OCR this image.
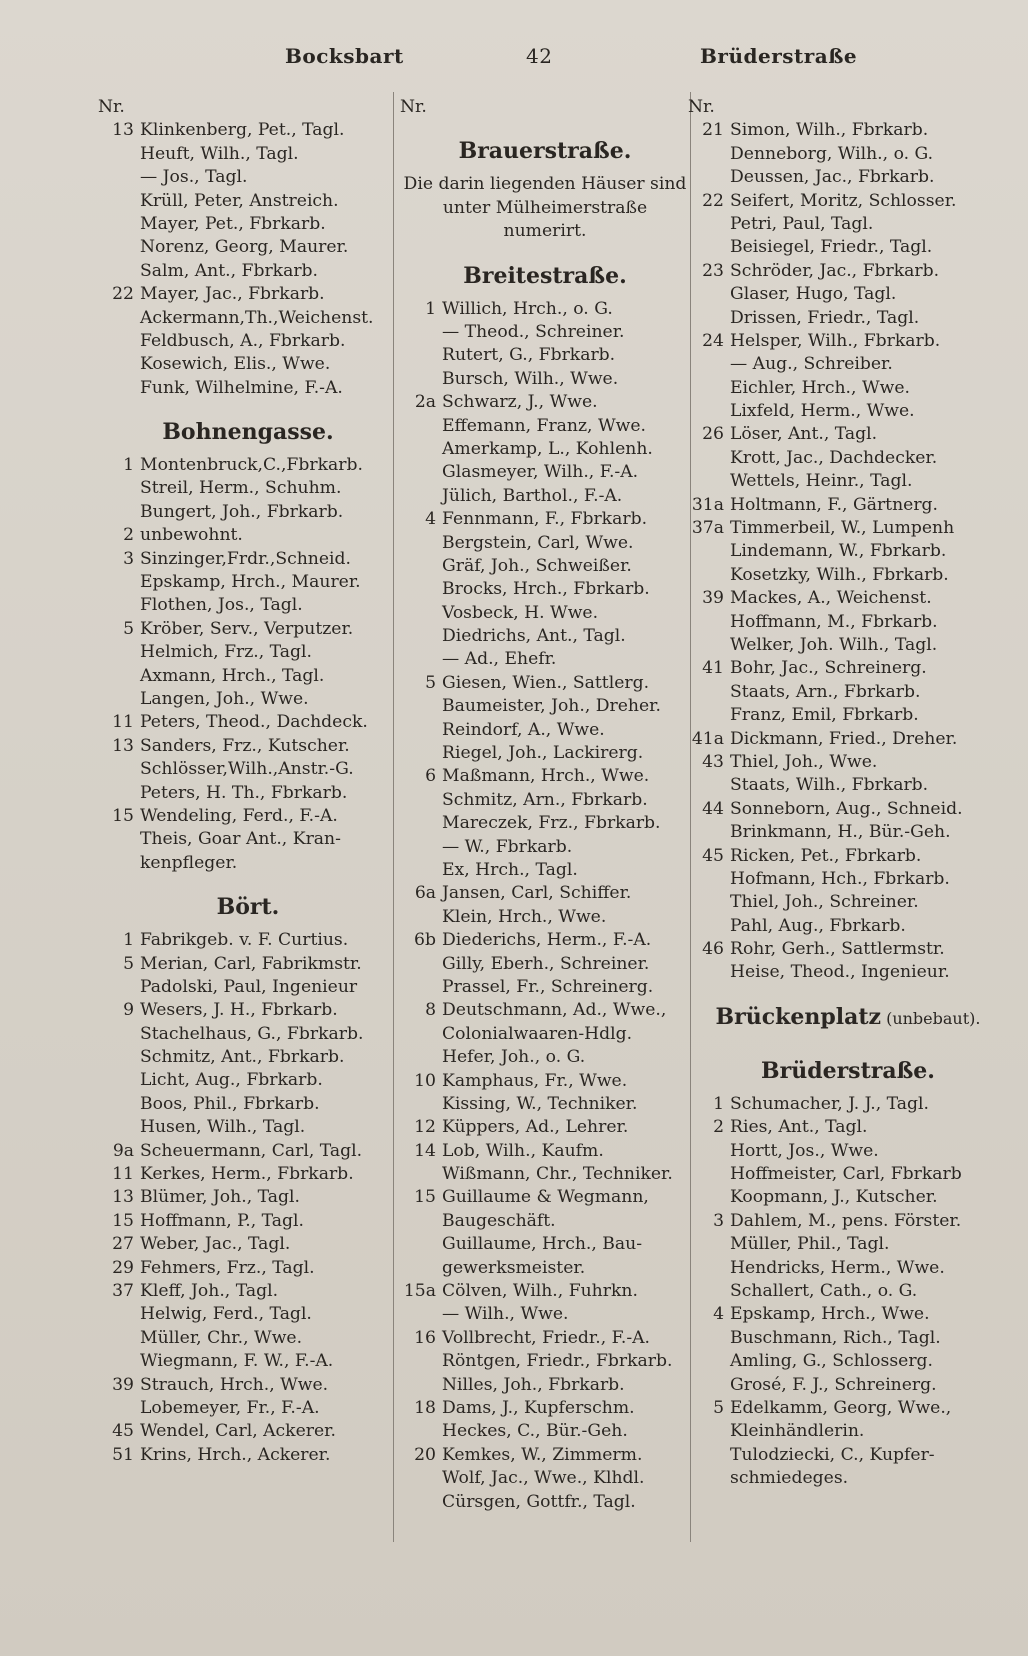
Bocksbart	42	Brüderstraße
Nr.
13 Klinkenberg, Pet., Tagl.
Heuft, Wilh., Tagl.
— Jos., Tagl.
Krüll, Peter, Anstreich.
Mayer, Pet., Fbrkarb.
Norenz, Georg, Maurer.
Salm, Ant., Fbrkarb.
22 Mayer, Jac., Fbrkarb.
Ackermann,Th.,Weichenst.
Feldbusch, A., Fbrkarb.
Kosewich, Elis., Wwe.
Funk, Wilhelmine, F.-A.
Bohnengasse.
1 Montenbruck,C.,Fbrkarb.
Streil, Herm., Schuhm.
Bungert, Joh., Fbrkarb.
2 unbewohnt.
3 Sinzinger,Frdr.,Schneid.
Epskamp, Hrch., Maurer.
Flothen, Jos., Tagl.
5 Kröber, Serv., Verputzer.
Helmich, Frz., Tagl.
Axmann, Hrch., Tagl.
Langen, Joh., Wwe.
11 Peters, Theod., Dachdeck.
13 Sanders, Frz., Kutscher.
Schlösser,Wilh.,Anstr.-G.
Peters, H. Th., Fbrkarb.
15 Wendeling, Ferd., F.-A.
Theis, Goar Ant., Kran-
kenpfleger.
Bört.
1 Fabrikgeb. v. F. Curtius.
5 Merian, Carl, Fabrikmstr.
Padolski, Paul, Ingenieur
9 Wesers, J. H., Fbrkarb.
Stachelhaus, G., Fbrkarb.
Schmitz, Ant., Fbrkarb.
Licht, Aug., Fbrkarb.
Boos, Phil., Fbrkarb.
Husen, Wilh., Tagl.
9a Scheuermann, Carl, Tagl.
11 Kerkes, Herm., Fbrkarb.
13 Blümer, Joh., Tagl.
15 Hoffmann, P., Tagl.
27 Weber, Jac., Tagl.
29 Fehmers, Frz., Tagl.
37 Kleff, Joh., Tagl.
Helwig, Ferd., Tagl.
Müller, Chr., Wwe.
Wiegmann, F. W., F.-A.
39 Strauch, Hrch., Wwe.
Lobemeyer, Fr., F.-A.
45 Wendel, Carl, Ackerer.
51 Krins, Hrch., Ackerer.
Nr.
Brauerstraße.
Die darin liegenden Häuser sind unter Mülheimerstraße numerirt.
Breitestraße.
1 Willich, Hrch., o. G.
— Theod., Schreiner.
Rutert, G., Fbrkarb.
Bursch, Wilh., Wwe.
2a Schwarz, J., Wwe.
Effemann, Franz, Wwe.
Amerkamp, L., Kohlenh.
Glasmeyer, Wilh., F.-A.
Jülich, Barthol., F.-A.
4 Fennmann, F., Fbrkarb.
Bergstein, Carl, Wwe.
Gräf, Joh., Schweißer.
Brocks, Hrch., Fbrkarb.
Vosbeck, H. Wwe.
Diedrichs, Ant., Tagl.
— Ad., Ehefr.
5 Giesen, Wien., Sattlerg.
Baumeister, Joh., Dreher.
Reindorf, A., Wwe.
Riegel, Joh., Lackirerg.
6 Maßmann, Hrch., Wwe.
Schmitz, Arn., Fbrkarb.
Mareczek, Frz., Fbrkarb.
— W., Fbrkarb.
Ex, Hrch., Tagl.
6a Jansen, Carl, Schiffer.
Klein, Hrch., Wwe.
6b Diederichs, Herm., F.-A.
Gilly, Eberh., Schreiner.
Prassel, Fr., Schreinerg.
8 Deutschmann, Ad., Wwe.,
Colonialwaaren-Hdlg.
Hefer, Joh., o. G.
10 Kamphaus, Fr., Wwe.
Kissing, W., Techniker.
12 Küppers, Ad., Lehrer.
14 Lob, Wilh., Kaufm.
Wißmann, Chr., Techniker.
15 Guillaume & Wegmann,
Baugeschäft.
Guillaume, Hrch., Bau-
gewerksmeister.
15a Cölven, Wilh., Fuhrkn.
— Wilh., Wwe.
16 Vollbrecht, Friedr., F.-A.
Röntgen, Friedr., Fbrkarb.
Nilles, Joh., Fbrkarb.
18 Dams, J., Kupferschm.
Heckes, C., Bür.-Geh.
20 Kemkes, W., Zimmerm.
Wolf, Jac., Wwe., Klhdl.
Cürsgen, Gottfr., Tagl.
Nr.
21 Simon, Wilh., Fbrkarb.
Denneborg, Wilh., o. G.
Deussen, Jac., Fbrkarb.
22 Seifert, Moritz, Schlosser.
Petri, Paul, Tagl.
Beisiegel, Friedr., Tagl.
23 Schröder, Jac., Fbrkarb.
Glaser, Hugo, Tagl.
Drissen, Friedr., Tagl.
24 Helsper, Wilh., Fbrkarb.
— Aug., Schreiber.
Eichler, Hrch., Wwe.
Lixfeld, Herm., Wwe.
26 Löser, Ant., Tagl.
Krott, Jac., Dachdecker.
Wettels, Heinr., Tagl.
31a Holtmann, F., Gärtnerg.
37a Timmerbeil, W., Lumpenh
Lindemann, W., Fbrkarb.
Kosetzky, Wilh., Fbrkarb.
39 Mackes, A., Weichenst.
Hoffmann, M., Fbrkarb.
Welker, Joh. Wilh., Tagl.
41 Bohr, Jac., Schreinerg.
Staats, Arn., Fbrkarb.
Franz, Emil, Fbrkarb.
41a Dickmann, Fried., Dreher.
43 Thiel, Joh., Wwe.
Staats, Wilh., Fbrkarb.
44 Sonneborn, Aug., Schneid.
Brinkmann, H., Bür.-Geh.
45 Ricken, Pet., Fbrkarb.
Hofmann, Hch., Fbrkarb.
Thiel, Joh., Schreiner.
Pahl, Aug., Fbrkarb.
46 Rohr, Gerh., Sattlermstr.
Heise, Theod., Ingenieur.
Brückenplatz (unbebaut).
Brüderstraße.
1 Schumacher, J. J., Tagl.
2 Ries, Ant., Tagl.
Hortt, Jos., Wwe.
Hoffmeister, Carl, Fbrkarb
Koopmann, J., Kutscher.
3 Dahlem, M., pens. Förster.
Müller, Phil., Tagl.
Hendricks, Herm., Wwe.
Schallert, Cath., o. G.
4 Epskamp, Hrch., Wwe.
Buschmann, Rich., Tagl.
Amling, G., Schlosserg.
Grosé, F. J., Schreinerg.
5 Edelkamm, Georg, Wwe.,
Kleinhändlerin.
Tulodziecki, C., Kupfer-
schmiedeges.
